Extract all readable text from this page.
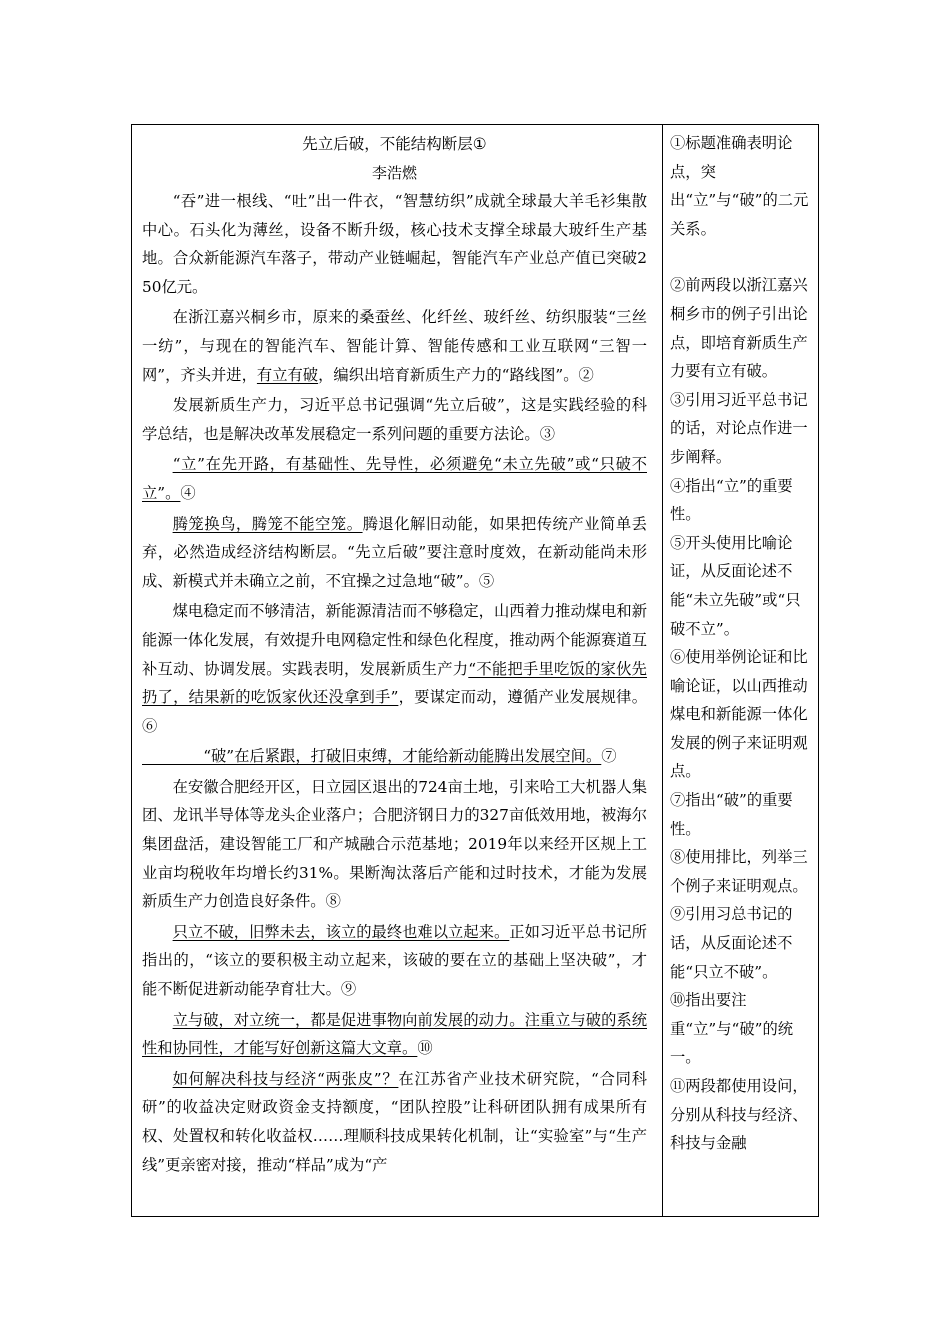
先立后破，不能结构断层①
李浩燃

“吞”进一根线、“吐”出一件衣，“智慧纺织”成就全球最大羊毛衫集散中心。石头化为薄丝，设备不断升级，核心技术支撑全球最大玻纤生产基地。合众新能源汽车落子，带动产业链崛起，智能汽车产业总产值已突破250亿元。

在浙江嘉兴桐乡市，原来的桑蚕丝、化纤丝、玻纤丝、纺织服装“三丝一纺”，与现在的智能汽车、智能计算、智能传感和工业互联网“三智一网”，齐头并进，有立有破，编织出培育新质生产力的“路线图”。②

发展新质生产力，习近平总书记强调“先立后破”，这是实践经验的科学总结，也是解决改革发展稳定一系列问题的重要方法论。③

“立”在先开路，有基础性、先导性，必须避免“未立先破”或“只破不立”。④

腾笼换鸟，腾笼不能空笼。腾退化解旧动能，如果把传统产业简单丢弃，必然造成经济结构断层。“先立后破”要注意时度效，在新动能尚未形成、新模式并未确立之前，不宜操之过急地“破”。⑤

煤电稳定而不够清洁，新能源清洁而不够稳定，山西着力推动煤电和新能源一体化发展，有效提升电网稳定性和绿色化程度，推动两个能源赛道互补互动、协调发展。实践表明，发展新质生产力“不能把手里吃饭的家伙先扔了，结果新的吃饭家伙还没拿到手”，要谋定而动，遵循产业发展规律。⑥

　　　　“破”在后紧跟，打破旧束缚，才能给新动能腾出发展空间。⑦

在安徽合肥经开区，日立园区退出的724亩土地，引来哈工大机器人集团、龙讯半导体等龙头企业落户；合肥济钢日力的327亩低效用地，被海尔集团盘活，建设智能工厂和产城融合示范基地；2019年以来经开区规上工业亩均税收年均增长约31%。果断淘汰落后产能和过时技术，才能为发展新质生产力创造良好条件。⑧

只立不破，旧弊未去，该立的最终也难以立起来。正如习近平总书记所指出的，“该立的要积极主动立起来，该破的要在立的基础上坚决破”，才能不断促进新动能孕育壮大。⑨

立与破，对立统一，都是促进事物向前发展的动力。注重立与破的系统性和协同性，才能写好创新这篇大文章。⑩

如何解决科技与经济“两张皮”？在江苏省产业技术研究院，“合同科研”的收益决定财政资金支持额度，“团队控股”让科研团队拥有成果所有权、处置权和转化收益权……理顺科技成果转化机制，让“实验室”与“生产线”更亲密对接，推动“样品”成为“产

①标题准确表明论点，突出“立”与“破”的二元关系。

②前两段以浙江嘉兴桐乡市的例子引出论点，即培育新质生产力要有立有破。

③引用习近平总书记的话，对论点作进一步阐释。

④指出“立”的重要性。

⑤开头使用比喻论证，从反面论述不能“未立先破”或“只破不立”。

⑥使用举例论证和比喻论证，以山西推动煤电和新能源一体化发展的例子来证明观点。

⑦指出“破”的重要性。

⑧使用排比，列举三个例子来证明观点。

⑨引用习总书记的话，从反面论述不能“只立不破”。

⑩指出要注重“立”与“破”的统一。

⑪两段都使用设问，分别从科技与经济、科技与金融
